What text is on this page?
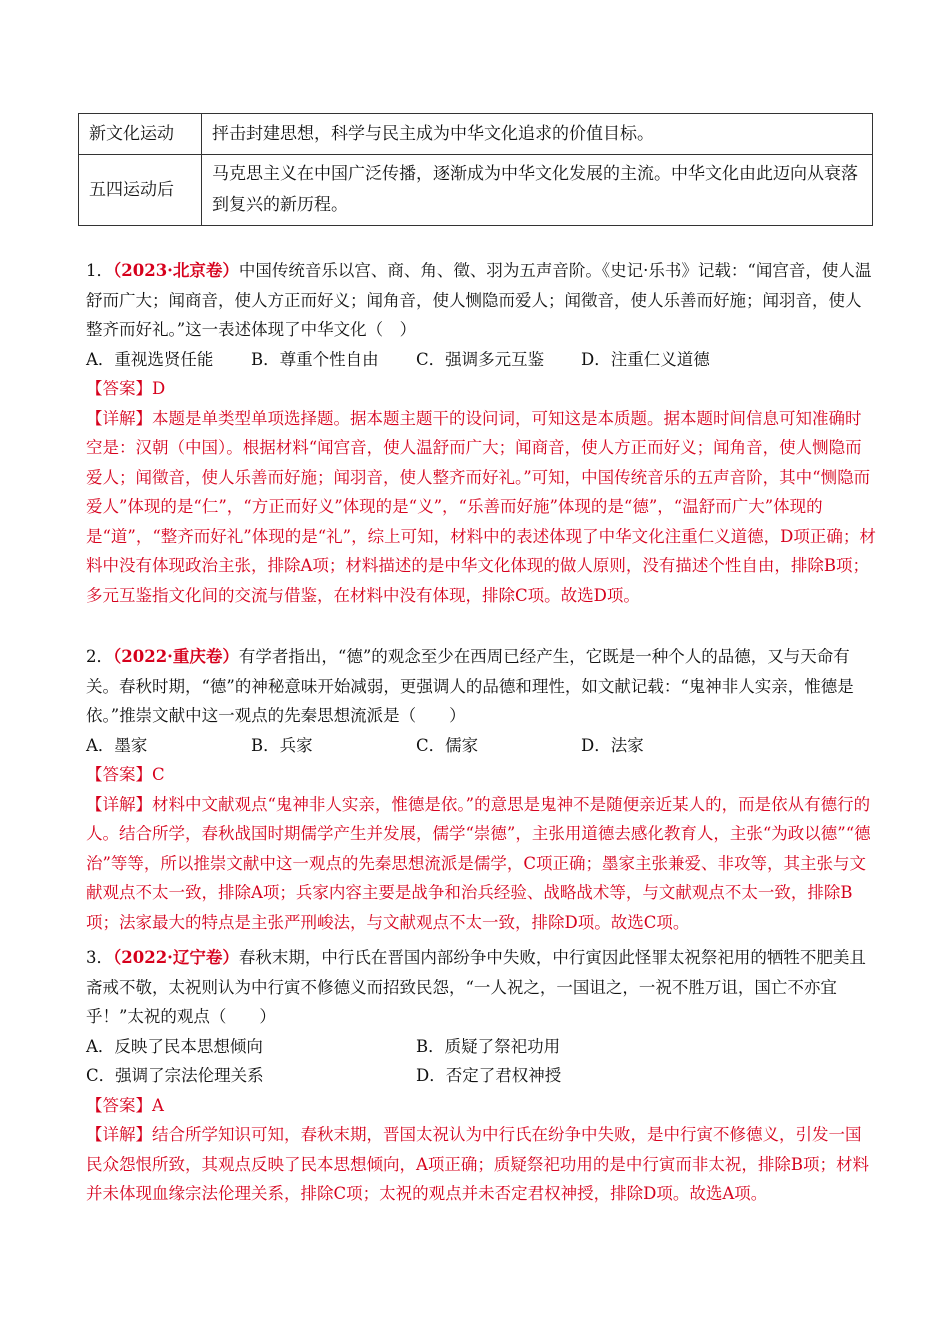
新文化运动	抨击封建思想，科学与民主成为中华文化追求的价值目标。
五四运动后	马克思主义在中国广泛传播，逐渐成为中华文化发展的主流。中华文化由此迈向从衰落到复兴的新历程。

1．（2023·北京卷）中国传统音乐以宫、商、角、徵、羽为五声音阶。《史记·乐书》记载：“闻宫音，使人温舒而广大；闻商音，使人方正而好义；闻角音，使人恻隐而爱人；闻徵音，使人乐善而好施；闻羽音，使人整齐而好礼。”这一表述体现了中华文化（　）

A．重视选贤任能	B．尊重个性自由	C．强调多元互鉴	D．注重仁义道德

【答案】D

【详解】本题是单类型单项选择题。据本题主题干的设问词，可知这是本质题。据本题时间信息可知准确时空是：汉朝（中国）。根据材料“闻宫音，使人温舒而广大；闻商音，使人方正而好义；闻角音，使人恻隐而爱人；闻徵音，使人乐善而好施；闻羽音，使人整齐而好礼。”可知，中国传统音乐的五声音阶，其中“恻隐而爱人”体现的是“仁”，“方正而好义”体现的是“义”，“乐善而好施”体现的是“德”，“温舒而广大”体现的是“道”，“整齐而好礼”体现的是“礼”，综上可知，材料中的表述体现了中华文化注重仁义道德，D项正确；材料中没有体现政治主张，排除A项；材料描述的是中华文化体现的做人原则，没有描述个性自由，排除B项；多元互鉴指文化间的交流与借鉴，在材料中没有体现，排除C项。故选D项。

2．（2022·重庆卷）有学者指出，“德”的观念至少在西周已经产生，它既是一种个人的品德，又与天命有关。春秋时期，“德”的神秘意味开始减弱，更强调人的品德和理性，如文献记载：“鬼神非人实亲，惟德是依。”推崇文献中这一观点的先秦思想流派是（　　）

A．墨家	B．兵家	C．儒家	D．法家

【答案】C

【详解】材料中文献观点“鬼神非人实亲，惟德是依。”的意思是鬼神不是随便亲近某人的，而是依从有德行的人。结合所学，春秋战国时期儒学产生并发展，儒学“崇德”，主张用道德去感化教育人，主张“为政以德”“德治”等等，所以推崇文献中这一观点的先秦思想流派是儒学，C项正确；墨家主张兼爱、非攻等，其主张与文献观点不太一致，排除A项；兵家内容主要是战争和治兵经验、战略战术等，与文献观点不太一致，排除B项；法家最大的特点是主张严刑峻法，与文献观点不太一致，排除D项。故选C项。

3．（2022·辽宁卷）春秋末期，中行氏在晋国内部纷争中失败，中行寅因此怪罪太祝祭祀用的牺牲不肥美且斋戒不敬，太祝则认为中行寅不修德义而招致民怨，“一人祝之，一国诅之，一祝不胜万诅，国亡不亦宜乎！”太祝的观点（　　）

A．反映了民本思想倾向	B．质疑了祭祀功用
C．强调了宗法伦理关系	D．否定了君权神授

【答案】A

【详解】结合所学知识可知，春秋末期，晋国太祝认为中行氏在纷争中失败，是中行寅不修德义，引发一国民众怨恨所致，其观点反映了民本思想倾向，A项正确；质疑祭祀功用的是中行寅而非太祝，排除B项；材料并未体现血缘宗法伦理关系，排除C项；太祝的观点并未否定君权神授，排除D项。故选A项。
